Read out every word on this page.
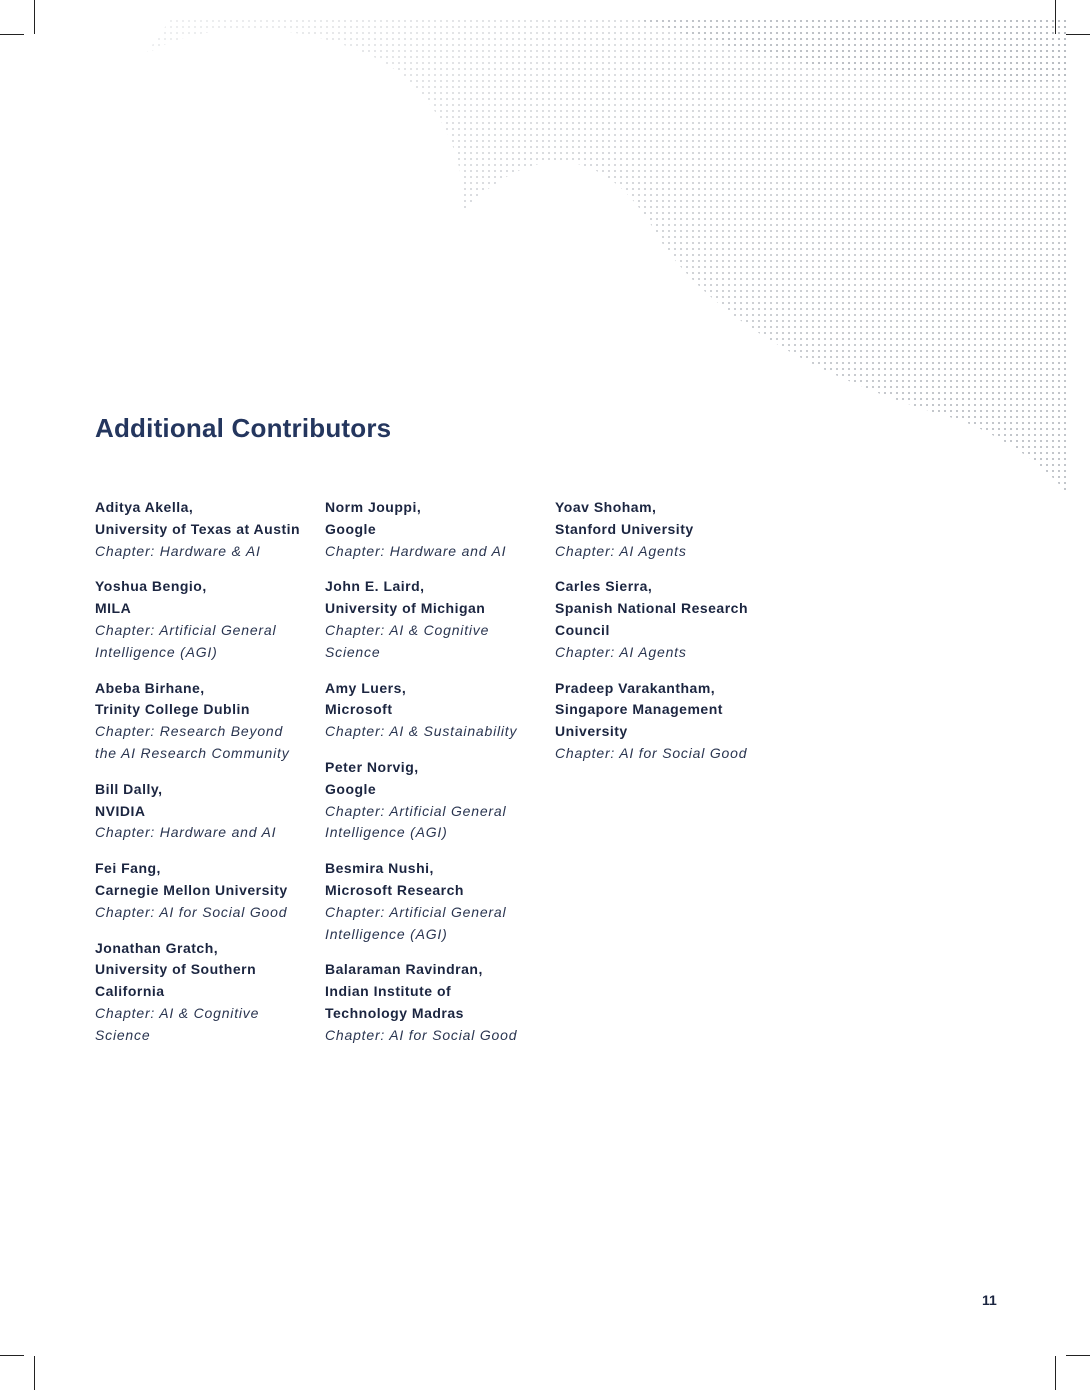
Additional Contributors
Aditya Akella,
University of Texas at Austin
Chapter: Hardware & AI
Yoshua Bengio,
MILA
Chapter: Artificial General
Intelligence (AGI)
Abeba Birhane,
Trinity College Dublin
Chapter: Research Beyond
the AI Research Community
Bill Dally,
NVIDIA
Chapter: Hardware and AI
Fei Fang,
Carnegie Mellon University
Chapter: AI for Social Good
Jonathan Gratch,
University of Southern
California
Chapter: AI & Cognitive
Science
Norm Jouppi,
Google
Chapter: Hardware and AI
John E. Laird,
University of Michigan
Chapter: AI & Cognitive
Science
Amy Luers,
Microsoft
Chapter: AI & Sustainability
Peter Norvig,
Google
Chapter: Artificial General
Intelligence (AGI)
Besmira Nushi,
Microsoft Research
Chapter: Artificial General
Intelligence (AGI)
Balaraman Ravindran,
Indian Institute of
Technology Madras
Chapter: AI for Social Good
Yoav Shoham,
Stanford University
Chapter: AI Agents
Carles Sierra,
Spanish National Research
Council
Chapter: AI Agents
Pradeep Varakantham,
Singapore Management
University
Chapter: AI for Social Good
11
